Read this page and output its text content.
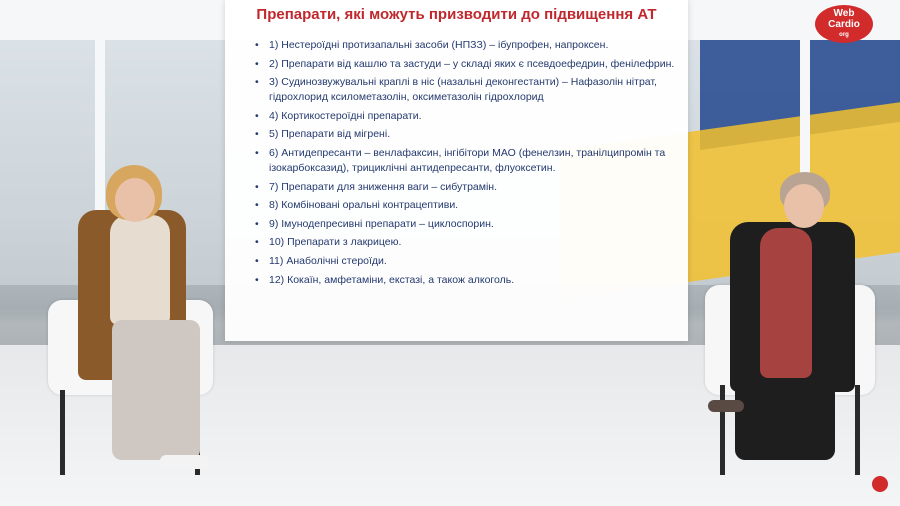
Препарати, які можуть призводити до підвищення АТ
• 1) Нестероїдні протизапальні засоби (НПЗЗ) – ібупрофен, напроксен.
• 2) Препарати від кашлю та застуди – у складі яких є псевдоефедрин, фенілефрин.
• 3) Судинозвужувальні краплі в ніс (назальні деконгестанти) – Нафазолін нітрат, гідрохлорид ксилометазолін, оксиметазолін гідрохлорид
• 4) Кортикостероїдні препарати.
• 5) Препарати від мігрені.
• 6) Антидепресанти – венлафаксин, інгібітори МАО (фенелзин, транілципромін та ізокарбоксазид), трициклічні антидепресанти, флуоксетин.
• 7) Препарати для зниження ваги – сибутрамін.
• 8) Комбіновані оральні контрацептиви.
• 9) Імунодепресивні препарати – циклоспорин.
• 10) Препарати з лакрицею.
• 11) Анаболічні стероїди.
• 12) Кокаїн, амфетаміни, екстазі, а також алкоголь.
Web
Cardio
org
